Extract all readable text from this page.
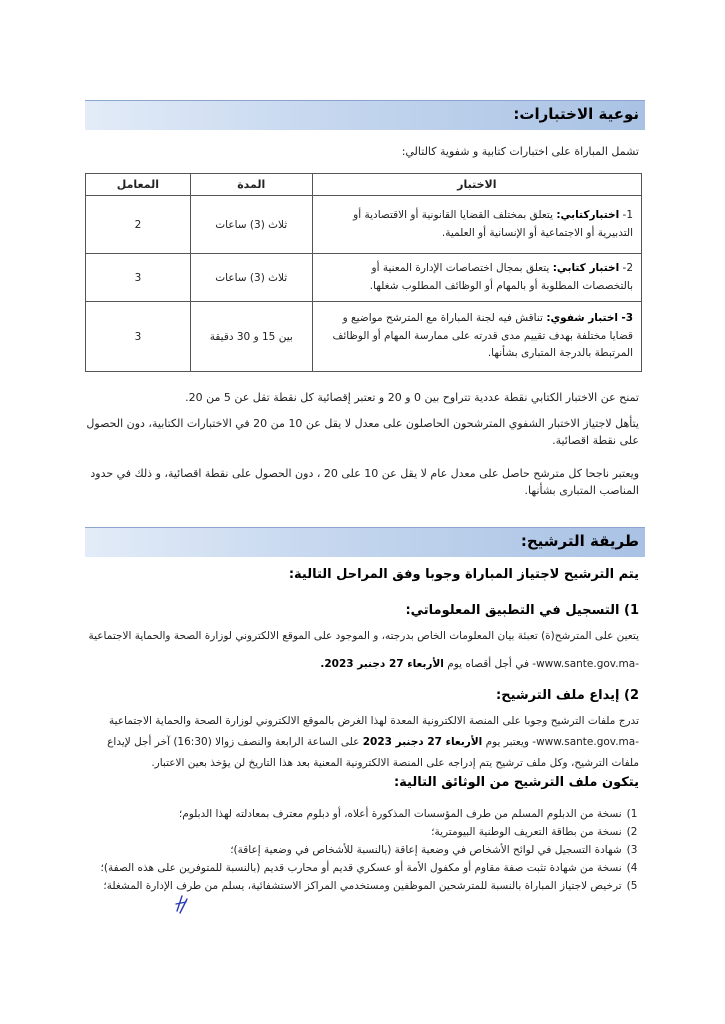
نوعية الاختبارات:
تشمل المباراة على اختبارات كتابية و شفوية كالتالي:
الاختبار	المدة	المعامل
1- اختباركتابي: يتعلق بمختلف القضايا القانونية أو الاقتصادية أو التدبيرية أو الاجتماعية أو الإنسانية أو العلمية.	ثلاث (3) ساعات	2
2- اختبار كتابي: يتعلق بمجال اختصاصات الإدارة المعنية أو بالتخصصات المطلوبة أو بالمهام أو الوظائف المطلوب شغلها.	ثلاث (3) ساعات	3
3- اختبار شفوي: تناقش فيه لجنة المباراة مع المترشح مواضيع و قضايا مختلفة بهدف تقييم مدى قدرته على ممارسة المهام أو الوظائف المرتبطة بالدرجة المتبارى بشأنها.	بين 15 و 30 دقيقة	3
تمنح عن الاختبار الكتابي نقطة عددية تتراوح بين 0 و 20 و تعتبر إقصائية كل نقطة تقل عن 5 من 20.
يتأهل لاجتياز الاختبار الشفوي المترشحون الحاصلون على معدل لا يقل عن 10 من 20 في الاختبارات الكتابية، دون الحصول على نقطة اقصائية.
ويعتبر ناجحا كل مترشح حاصل على معدل عام لا يقل عن 10 على 20 ، دون الحصول على نقطة اقصائية، و ذلك في حدود المناصب المتبارى بشأنها.
طريقة الترشيح:
يتم الترشيح لاجتياز المباراة وجوبا وفق المراحل التالية:
1) التسجيل في التطبيق المعلوماتي:
يتعين على المترشح(ة) تعبئة بيان المعلومات الخاص بدرجته، و الموجود على الموقع الالكتروني لوزارة الصحة والحماية الاجتماعية
-www.sante.gov.ma- في أجل أقصاه يوم الأربعاء 27 دجنبر 2023.
2) إيداع ملف الترشيح:
تدرج ملفات الترشيح وجوبا على المنصة الالكترونية المعدة لهذا الغرض بالموقع الالكتروني لوزارة الصحة والحماية الاجتماعية
-www.sante.gov.ma- ويعتبر يوم الأربعاء 27 دجنبر 2023 على الساعة الرابعة والنصف زوالا (16:30) آخر أجل لإيداع
ملفات الترشيح، وكل ملف ترشيح يتم إدراجه على المنصة الالكترونية المعنية بعد هذا التاريخ لن يؤخذ بعين الاعتبار.
يتكون ملف الترشيح من الوثائق التالية:
1) نسخة من الدبلوم المسلم من طرف المؤسسات المذكورة أعلاه، أو دبلوم معترف بمعادلته لهذا الدبلوم؛
2) نسخة من بطاقة التعريف الوطنية البيومترية؛
3) شهادة التسجيل في لوائح الأشخاص في وضعية إعاقة (بالنسبة للأشخاص في وضعية إعاقة)؛
4) نسخة من شهادة تثبت صفة مقاوم أو مكفول الأمة أو عسكري قديم أو محارب قديم (بالنسبة للمتوفرين على هذه الصفة)؛
5) ترخيص لاجتياز المباراة بالنسبة للمترشحين الموظفين ومستخدمي المراكز الاستشفائية، يسلم من طرف الإدارة المشغلة؛
